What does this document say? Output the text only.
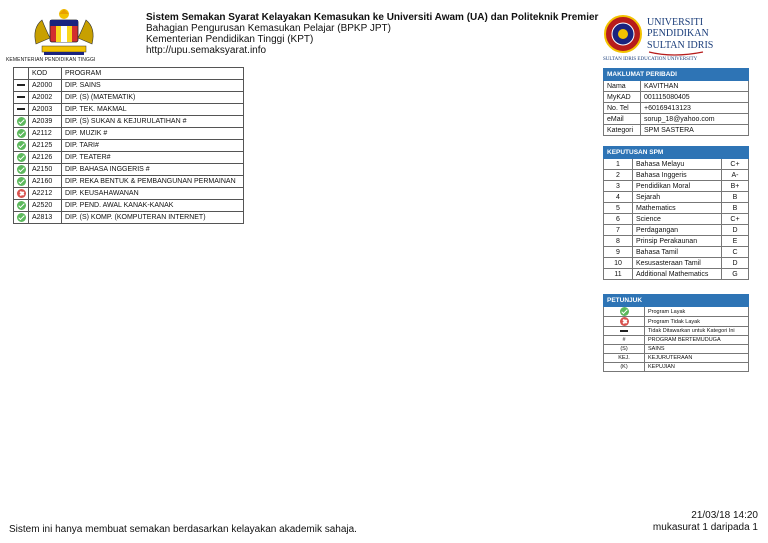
KEMENTERIAN PENDIDIKAN TINGGI
Sistem Semakan Syarat Kelayakan Kemasukan ke Universiti Awam (UA) dan Politeknik Premier
Bahagian Pengurusan Kemasukan Pelajar (BPKP JPT)
Kementerian Pendidikan Tinggi (KPT)
http://upu.semaksyarat.info
UNIVERSITI
PENDIDIKAN
SULTAN IDRIS
SULTAN IDRIS EDUCATION UNIVERSITY
	KOD	PROGRAM
	A2000	DIP. SAINS
	A2002	DIP. (S) (MATEMATIK)
	A2003	DIP. TEK. MAKMAL
	A2039	DIP. (S) SUKAN & KEJURULATIHAN #
	A2112	DIP. MUZIK #
	A2125	DIP. TARI#
	A2126	DIP. TEATER#
	A2150	DIP. BAHASA INGGERIS #
	A2160	DIP. REKA BENTUK & PEMBANGUNAN PERMAINAN
	A2212	DIP. KEUSAHAWANAN
	A2520	DIP. PEND. AWAL KANAK-KANAK
	A2813	DIP. (S) KOMP. (KOMPUTERAN INTERNET)
MAKLUMAT PERIBADI	
Nama	KAVITHAN
MyKAD	001115080405
No. Tel	+60169413123
eMail	sorup_18@yahoo.com
Kategori	SPM SASTERA
KEPUTUSAN SPM		
1	Bahasa Melayu	C+
2	Bahasa Inggeris	A-
3	Pendidikan Moral	B+
4	Sejarah	B
5	Mathematics	B
6	Science	C+
7	Perdagangan	D
8	Prinsip Perakaunan	E
9	Bahasa Tamil	C
10	Kesusasteraan Tamil	D
11	Additional Mathematics	G
PETUNJUK	
	Program Layak
	Program Tidak Layak
	Tidak Ditawarkan untuk Kategori Ini
#	PROGRAM BERTEMUDUGA
(S)	SAINS
KEJ.	KEJURUTERAAN
(K)	KEPUJIAN
Sistem ini hanya membuat semakan berdasarkan kelayakan akademik sahaja.
21/03/18 14:20
mukasurat 1 daripada 1
